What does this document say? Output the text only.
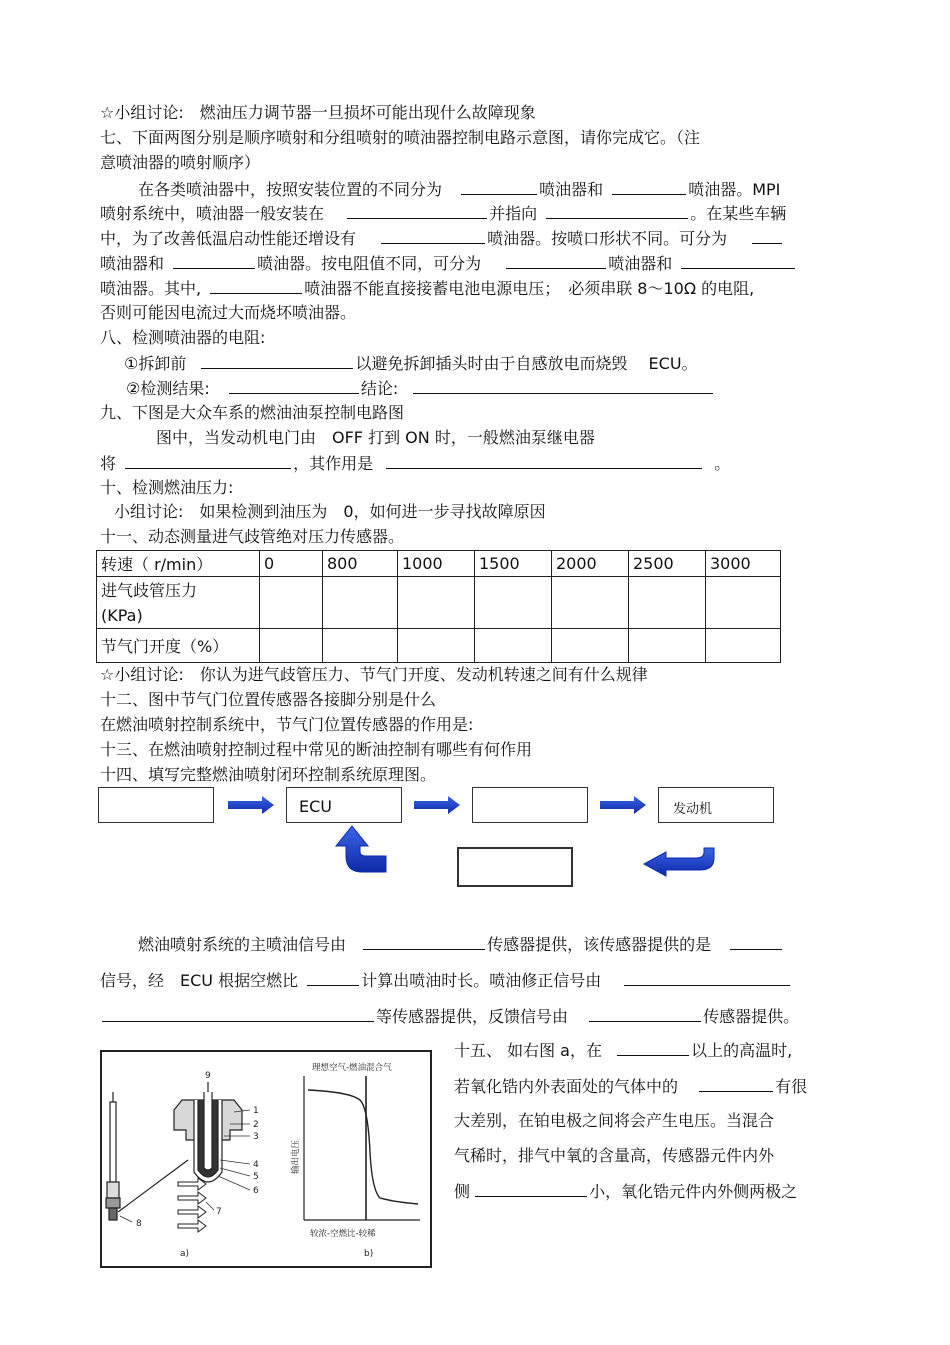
☆小组讨论:　燃油压力调节器一旦损坏可能出现什么故障现象
七、下面两图分别是顺序喷射和分组喷射的喷油器控制电路示意图，请你完成它。（注
意喷油器的喷射顺序）
在各类喷油器中，按照安装位置的不同分为	喷油器和	喷油器。MPI
喷射系统中，喷油器一般安装在	并指向	。在某些车辆
中，为了改善低温启动性能还增设有	喷油器。按喷口形状不同。可分为
喷油器和	喷油器。按电阻值不同，可分为	喷油器和
喷油器。其中,	喷油器不能直接接蓄电池电源电压；　必须串联 8～10Ω 的电阻,
否则可能因电流过大而烧坏喷油器。
八、检测喷油器的电阻:
①拆卸前	以避免拆卸插头时由于自感放电而烧毁　 ECU。
②检测结果:	结论:
九、下图是大众车系的燃油油泵控制电路图
图中，当发动机电门由　OFF 打到 ON 时，一般燃油泵继电器
将	，其作用是	。
十、检测燃油压力:
小组讨论:　如果检测到油压为　0，如何进一步寻找故障原因
十一、动态测量进气歧管绝对压力传感器。
转速（ r/min）	0	800	1000	1500	2000	2500	3000

进气歧管压力
(KPa)							

节气门开度（%）							
☆小组讨论:　你认为进气歧管压力、节气门开度、发动机转速之间有什么规律
十二、图中节气门位置传感器各接脚分别是什么
在燃油喷射控制系统中，节气门位置传感器的作用是:
十三、在燃油喷射控制过程中常见的断油控制有哪些有何作用
十四、填写完整燃油喷射闭环控制系统原理图。
ECU	发动机
燃油喷射系统的主喷油信号由	传感器提供，该传感器提供的是
信号，经　ECU 根据空燃比	计算出喷油时长。喷油修正信号由
等传感器提供，反馈信号由	传感器提供。
十五、 如右图 a，在	以上的高温时,
若氧化锆内外表面处的气体中的	有很
大差别，在铂电极之间将会产生电压。当混合
气稀时，排气中氧的含量高，传感器元件内外
侧	小，氧化锆元件内外侧两极之
9
1
2
3
4
5
6
7
8
a)	b)
理想空气-燃油混合气
较浓-空燃比-较稀
输出电压
